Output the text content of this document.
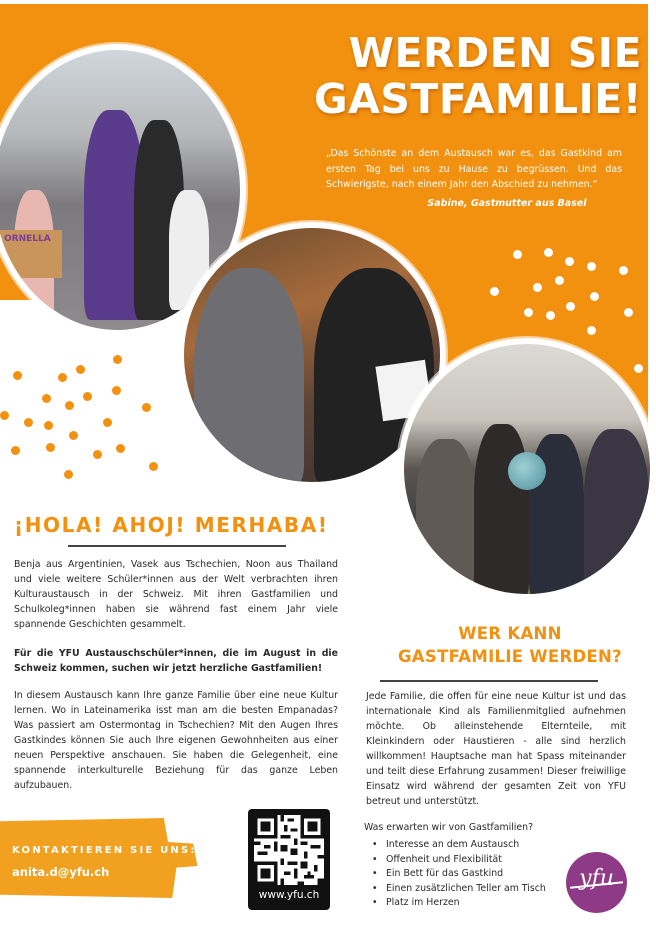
ORNELLA
WERDEN SIE
GASTFAMILIE!

„Das Schönste an dem Austausch war es, das Gastkind am ersten Tag bei uns zu Hause zu begrüssen. Und das Schwierigste, nach einem Jahr den Abschied zu nehmen.“

Sabine, Gastmutter aus Basel

¡HOLA! AHOJ! MERHABA!

Benja aus Argentinien, Vasek aus Tschechien, Noon aus Thailand und viele weitere Schüler*innen aus der Welt verbrachten ihren Kulturaustausch in der Schweiz. Mit ihren Gastfamilien und Schulkoleg*innen haben sie während fast einem Jahr viele spannende Geschichten gesammelt.

Für die YFU Austauschschüler*innen, die im August in die Schweiz kommen, suchen wir jetzt herzliche Gastfamilien!

In diesem Austausch kann Ihre ganze Familie über eine neue Kultur lernen. Wo in Lateinamerika isst man am die besten Empanadas? Was passiert am Ostermontag in Tschechien? Mit den Augen Ihres Gastkindes können Sie auch Ihre eigenen Gewohnheiten aus einer neuen Perspektive anschauen. Sie haben die Gelegenheit, eine spannende interkulturelle Beziehung für das ganze Leben aufzubauen.

WER KANN
GASTFAMILIE WERDEN?

Jede Familie, die offen für eine neue Kultur ist und das internationale Kind als Familienmitglied aufnehmen möchte. Ob alleinstehende Elternteile, mit Kleinkindern oder Haustieren - alle sind herzlich willkommen! Hauptsache man hat Spass miteinander und teilt diese Erfahrung zusammen! Dieser freiwillige Einsatz wird während der gesamten Zeit von YFU betreut und unterstützt.

Was erwarten wir von Gastfamilien?

• Interesse an dem Austausch
• Offenheit und Flexibilität
• Ein Bett für das Gastkind
• Einen zusätzlichen Teller am Tisch
• Platz im Herzen
KONTAKTIEREN SIE UNS:
anita.d@yfu.ch
www.yfu.ch
yfu
